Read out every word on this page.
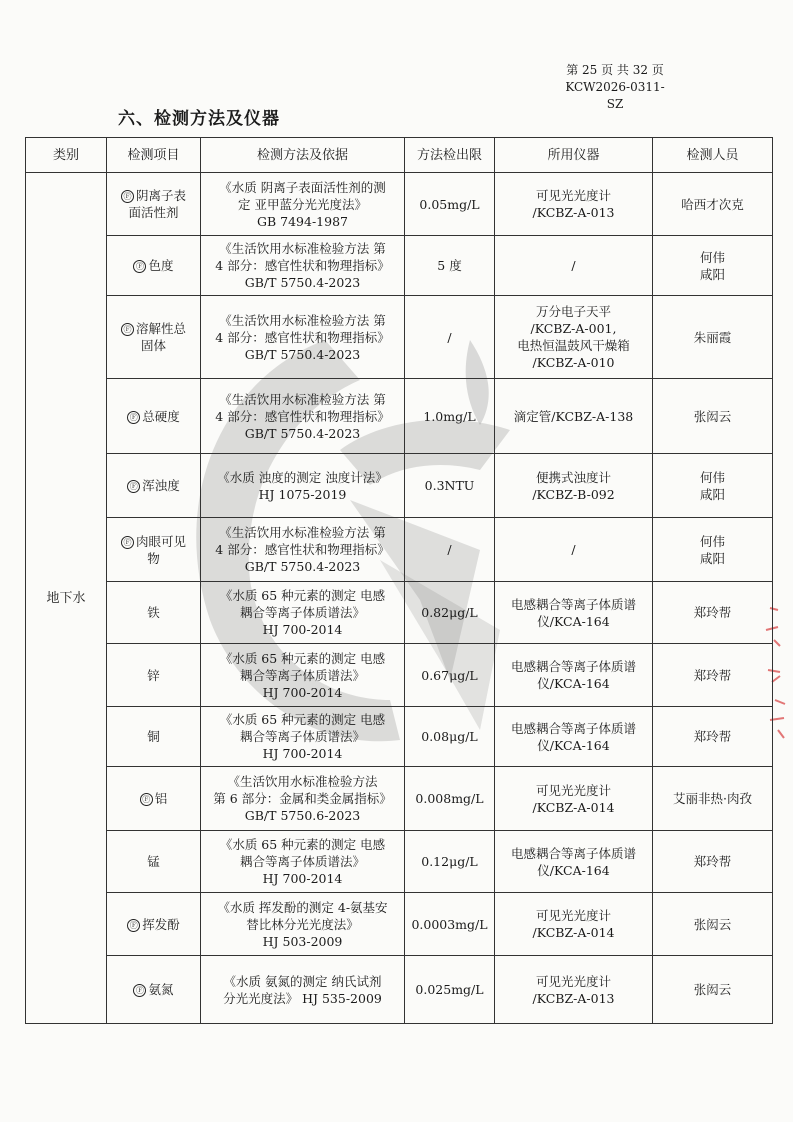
第 25 页 共 32 页
KCW2026-0311-SZ
六、检测方法及仪器
类别	检测项目	检测方法及依据	方法检出限	所用仪器	检测人员
地下水	Ⓕ 阴离子表
面活性剂	《水质 阴离子表面活性剂的测
定 亚甲蓝分光光度法》
GB 7494-1987	0.05mg/L	可见光光度计
/KCBZ-A-013	哈西才次克

	Ⓕ 色度	《生活饮用水标准检验方法 第
4 部分：感官性状和物理指标》
GB/T 5750.4-2023	5 度	/	何伟
咸阳

	Ⓕ 溶解性总
固体	《生活饮用水标准检验方法 第
4 部分：感官性状和物理指标》
GB/T 5750.4-2023	/	万分电子天平
/KCBZ-A-001,
电热恒温鼓风干燥箱
/KCBZ-A-010	朱丽霞

	Ⓕ 总硬度	《生活饮用水标准检验方法 第
4 部分：感官性状和物理指标》
GB/T 5750.4-2023	1.0mg/L	滴定管/KCBZ-A-138	张闳云

	Ⓕ 浑浊度	《水质 浊度的测定 浊度计法》
HJ 1075-2019	0.3NTU	便携式浊度计
/KCBZ-B-092	何伟
咸阳

	Ⓕ 肉眼可见
物	《生活饮用水标准检验方法 第
4 部分：感官性状和物理指标》
GB/T 5750.4-2023	/	/	何伟
咸阳

	铁	《水质 65 种元素的测定 电感
耦合等离子体质谱法》
HJ 700-2014	0.82μg/L	电感耦合等离子体质谱
仪/KCA-164	郑玲帮

	锌	《水质 65 种元素的测定 电感
耦合等离子体质谱法》
HJ 700-2014	0.67μg/L	电感耦合等离子体质谱
仪/KCA-164	郑玲帮

	铜	《水质 65 种元素的测定 电感
耦合等离子体质谱法》
HJ 700-2014	0.08μg/L	电感耦合等离子体质谱
仪/KCA-164	郑玲帮

	Ⓕ 铝	《生活饮用水标准检验方法
第 6 部分：金属和类金属指标》
GB/T 5750.6-2023	0.008mg/L	可见光光度计
/KCBZ-A-014	艾丽非热·肉孜

	锰	《水质 65 种元素的测定 电感
耦合等离子体质谱法》
HJ 700-2014	0.12μg/L	电感耦合等离子体质谱
仪/KCA-164	郑玲帮

	Ⓕ 挥发酚	《水质 挥发酚的测定 4-氨基安
替比林分光光度法》
HJ 503-2009	0.0003mg/L	可见光光度计
/KCBZ-A-014	张闳云

	Ⓕ 氨氮	《水质 氨氮的测定 纳氏试剂
分光光度法》 HJ 535-2009	0.025mg/L	可见光光度计
/KCBZ-A-013	张闳云
